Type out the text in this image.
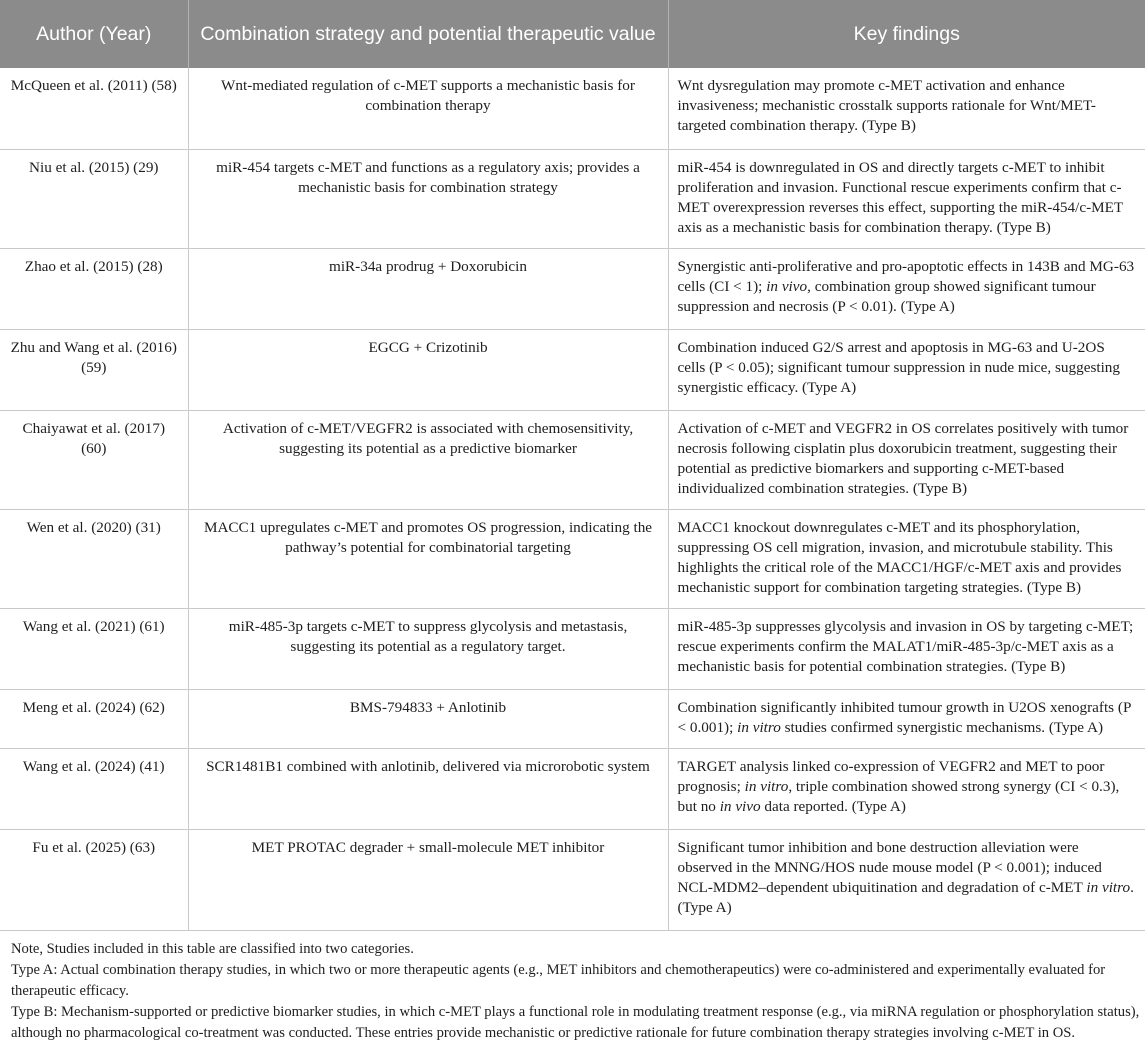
Author (Year)	Combination strategy and potential therapeutic value	Key findings
McQueen et al. (2011) (58)	Wnt-mediated regulation of c-MET supports a mechanistic basis for combination therapy	Wnt dysregulation may promote c-MET activation and enhance invasiveness; mechanistic crosstalk supports rationale for Wnt/MET-targeted combination therapy. (Type B)
Niu et al. (2015) (29)	miR-454 targets c-MET and functions as a regulatory axis; provides a mechanistic basis for combination strategy	miR-454 is downregulated in OS and directly targets c-MET to inhibit proliferation and invasion. Functional rescue experiments confirm that c-MET overexpression reverses this effect, supporting the miR-454/c-MET axis as a mechanistic basis for combination therapy. (Type B)
Zhao et al. (2015) (28)	miR-34a prodrug + Doxorubicin	Synergistic anti-proliferative and pro-apoptotic effects in 143B and MG-63 cells (CI < 1); in vivo, combination group showed significant tumour suppression and necrosis (P < 0.01). (Type A)
Zhu and Wang et al. (2016) (59)	EGCG + Crizotinib	Combination induced G2/S arrest and apoptosis in MG-63 and U-2OS cells (P < 0.05); significant tumour suppression in nude mice, suggesting synergistic efficacy. (Type A)
Chaiyawat et al. (2017) (60)	Activation of c-MET/VEGFR2 is associated with chemosensitivity, suggesting its potential as a predictive biomarker	Activation of c-MET and VEGFR2 in OS correlates positively with tumor necrosis following cisplatin plus doxorubicin treatment, suggesting their potential as predictive biomarkers and supporting c-MET-based individualized combination strategies. (Type B)
Wen et al. (2020) (31)	MACC1 upregulates c-MET and promotes OS progression, indicating the pathway’s potential for combinatorial targeting	MACC1 knockout downregulates c-MET and its phosphorylation, suppressing OS cell migration, invasion, and microtubule stability. This highlights the critical role of the MACC1/HGF/c-MET axis and provides mechanistic support for combination targeting strategies. (Type B)
Wang et al. (2021) (61)	miR-485-3p targets c-MET to suppress glycolysis and metastasis, suggesting its potential as a regulatory target.	miR-485-3p suppresses glycolysis and invasion in OS by targeting c-MET; rescue experiments confirm the MALAT1/miR-485-3p/c-MET axis as a mechanistic basis for potential combination strategies. (Type B)
Meng et al. (2024) (62)	BMS-794833 + Anlotinib	Combination significantly inhibited tumour growth in U2OS xenografts (P < 0.001); in vitro studies confirmed synergistic mechanisms. (Type A)
Wang et al. (2024) (41)	SCR1481B1 combined with anlotinib, delivered via microrobotic system	TARGET analysis linked co-expression of VEGFR2 and MET to poor prognosis; in vitro, triple combination showed strong synergy (CI < 0.3), but no in vivo data reported. (Type A)
Fu et al. (2025) (63)	MET PROTAC degrader + small-molecule MET inhibitor	Significant tumor inhibition and bone destruction alleviation were observed in the MNNG/HOS nude mouse model (P < 0.001); induced NCL-MDM2–dependent ubiquitination and degradation of c-MET in vitro. (Type A)

Note, Studies included in this table are classified into two categories.

Type A: Actual combination therapy studies, in which two or more therapeutic agents (e.g., MET inhibitors and chemotherapeutics) were co-administered and experimentally evaluated for therapeutic efficacy.

Type B: Mechanism-supported or predictive biomarker studies, in which c-MET plays a functional role in modulating treatment response (e.g., via miRNA regulation or phosphorylation status), although no pharmacological co-treatment was conducted. These entries provide mechanistic or predictive rationale for future combination therapy strategies involving c-MET in OS.
